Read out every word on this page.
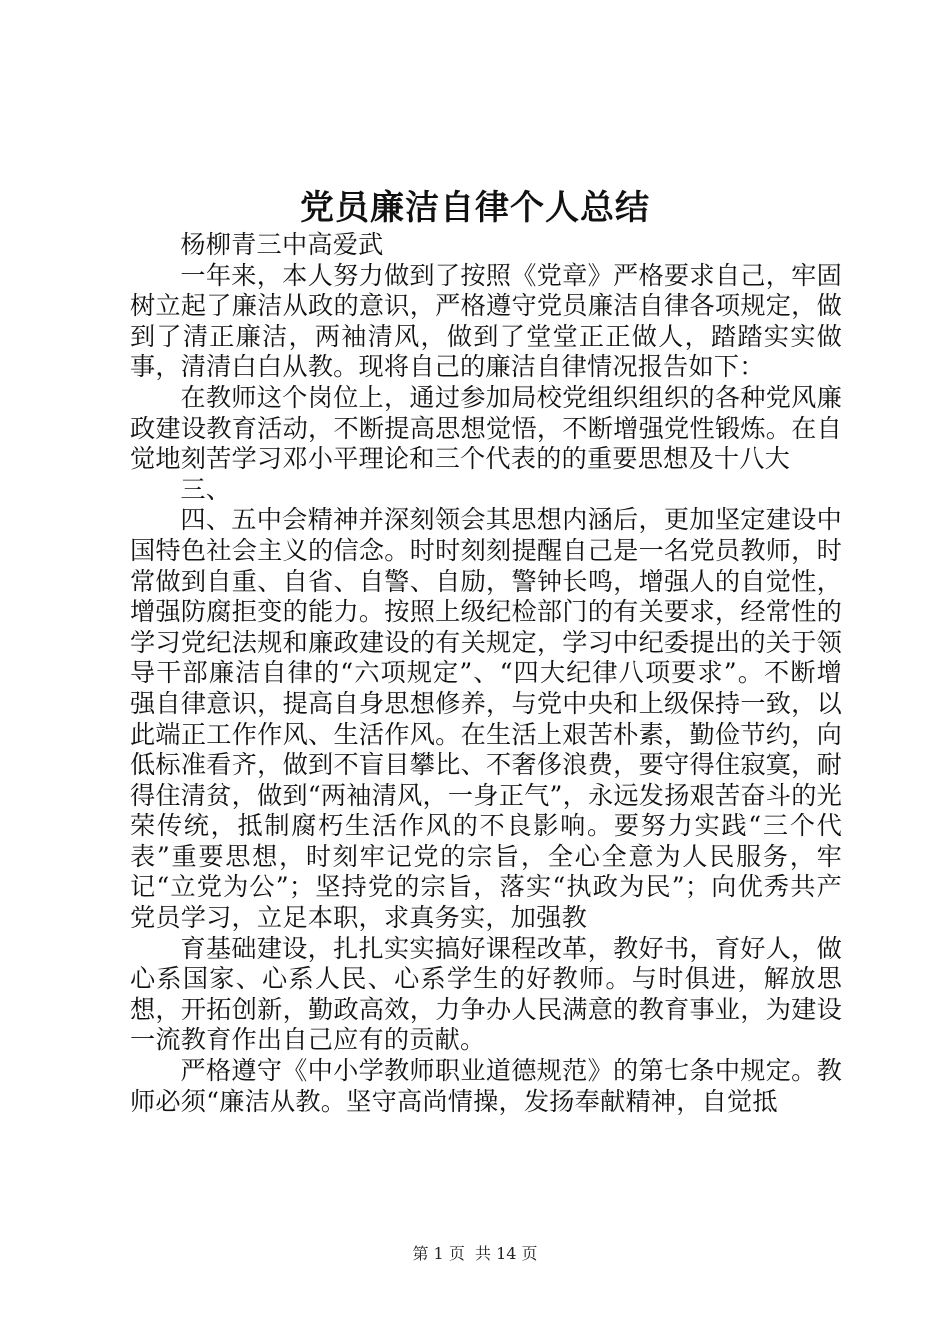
党员廉洁自律个人总结

杨柳青三中高爱武

一年来，本人努力做到了按照《党章》严格要求自己，牢固树立起了廉洁从政的意识，严格遵守党员廉洁自律各项规定，做到了清正廉洁，两袖清风，做到了堂堂正正做人，踏踏实实做事，清清白白从教。现将自己的廉洁自律情况报告如下：

在教师这个岗位上，通过参加局校党组织组织的各种党风廉政建设教育活动，不断提高思想觉悟，不断增强党性锻炼。在自觉地刻苦学习邓小平理论和三个代表的的重要思想及十八大

三、

四、五中会精神并深刻领会其思想内涵后，更加坚定建设中国特色社会主义的信念。时时刻刻提醒自己是一名党员教师，时常做到自重、自省、自警、自励，警钟长鸣，增强人的自觉性，增强防腐拒变的能力。按照上级纪检部门的有关要求，经常性的学习党纪法规和廉政建设的有关规定，学习中纪委提出的关于领导干部廉洁自律的“六项规定”、“四大纪律八项要求”。不断增强自律意识，提高自身思想修养，与党中央和上级保持一致，以此端正工作作风、生活作风。在生活上艰苦朴素，勤俭节约，向低标准看齐，做到不盲目攀比、不奢侈浪费，要守得住寂寞，耐得住清贫，做到“两袖清风，一身正气”，永远发扬艰苦奋斗的光荣传统，抵制腐朽生活作风的不良影响。要努力实践“三个代表”重要思想，时刻牢记党的宗旨，全心全意为人民服务，牢记“立党为公”；坚持党的宗旨，落实“执政为民”；向优秀共产党员学习，立足本职，求真务实，加强教

育基础建设，扎扎实实搞好课程改革，教好书，育好人，做心系国家、心系人民、心系学生的好教师。与时俱进，解放思想，开拓创新，勤政高效，力争办人民满意的教育事业，为建设一流教育作出自己应有的贡献。

严格遵守《中小学教师职业道德规范》的第七条中规定。教师必须“廉洁从教。坚守高尚情操，发扬奉献精神，自觉抵

第 1 页  共 14 页
